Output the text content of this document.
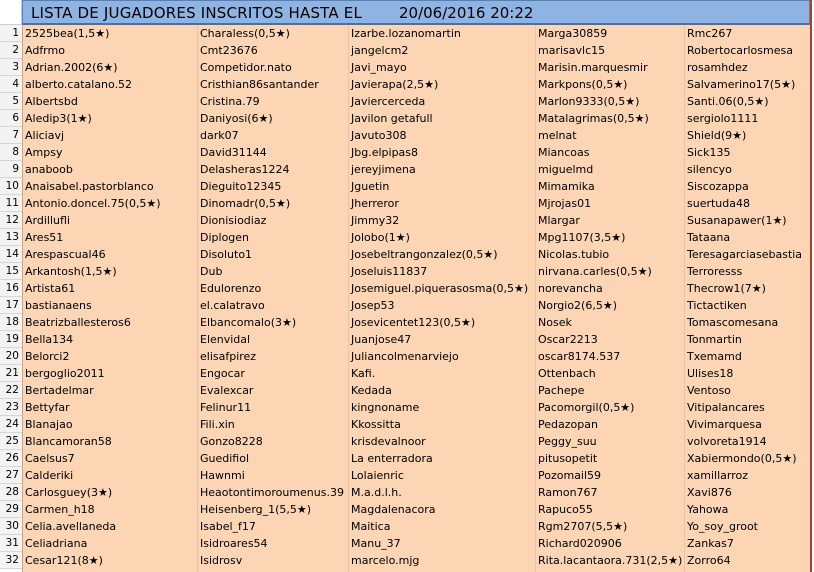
LISTA DE JUGADORES INSCRITOS HASTA EL 20/06/2016 20:22
1
2
3
4
5
6
7
8
9
10
11
12
13
14
15
16
17
18
19
20
21
22
23
24
25
26
27
28
29
30
31
32
2525bea(1,5★)
Adfrmo
Adrian.2002(6★)
alberto.catalano.52
Albertsbd
Aledip3(1★)
Aliciavj
Ampsy
anaboob
Anaisabel.pastorblanco
Antonio.doncel.75(0,5★)
Ardillufli
Ares51
Arespascual46
Arkantosh(1,5★)
Artista61
bastianaens
Beatrizballesteros6
Bella134
Belorci2
bergoglio2011
Bertadelmar
Bettyfar
Blanajao
Blancamoran58
Caelsus7
Calderiki
Carlosguey(3★)
Carmen_h18
Celia.avellaneda
Celiadriana
Cesar121(8★)
Charaless(0,5★)
Cmt23676
Competidor.nato
Cristhian86santander
Cristina.79
Daniyosi(6★)
dark07
David31144
Delasheras1224
Dieguito12345
Dinomadr(0,5★)
Dionisiodiaz
Diplogen
Disoluto1
Dub
Edulorenzo
el.calatravo
Elbancomalo(3★)
Elenvidal
elisafpirez
Engocar
Evalexcar
Felinur11
Fili.xin
Gonzo8228
Guedifiol
Hawnmi
Heaotontimoroumenus.39
Heisenberg_1(5,5★)
Isabel_f17
Isidroares54
Isidrosv
Izarbe.lozanomartin
jangelcm2
Javi_mayo
Javierapa(2,5★)
Javiercerceda
Javilon getafull
Javuto308
Jbg.elpipas8
jereyjimena
Jguetin
Jherreror
Jimmy32
Jolobo(1★)
Josebeltrangonzalez(0,5★)
Joseluis11837
Josemiguel.piquerasosma(0,5★)
Josep53
Josevicentet123(0,5★)
Juanjose47
Juliancolmenarviejo
Kafi.
Kedada
kingnoname
Kkossitta
krisdevalnoor
La enterradora
Lolaienric
M.a.d.l.h.
Magdalenacora
Maitica
Manu_37
marcelo.mjg
Marga30859
marisavlc15
Marisin.marquesmir
Markpons(0,5★)
Marlon9333(0,5★)
Matalagrimas(0,5★)
melnat
Miancoas
miguelmd
Mimamika
Mjrojas01
Mlargar
Mpg1107(3,5★)
Nicolas.tubio
nirvana.carles(0,5★)
norevancha
Norgio2(6,5★)
Nosek
Oscar2213
oscar8174.537
Ottenbach
Pachepe
Pacomorgil(0,5★)
Pedazopan
Peggy_suu
pitusopetit
Pozomail59
Ramon767
Rapuco55
Rgm2707(5,5★)
Richard020906
Rita.lacantaora.731(2,5★)
Rmc267
Robertocarlosmesa
rosamhdez
Salvamerino17(5★)
Santi.06(0,5★)
sergiolo1111
Shield(9★)
Sick135
silencyo
Siscozappa
suertuda48
Susanapawer(1★)
Tataana
Teresagarciasebastia
Terroresss
Thecrow1(7★)
Tictactiken
Tomascomesana
Tonmartin
Txemamd
Ulises18
Ventoso
Vitipalancares
Vivimarquesa
volvoreta1914
Xabiermondo(0,5★)
xamillarroz
Xavi876
Yahowa
Yo_soy_groot
Zankas7
Zorro64
